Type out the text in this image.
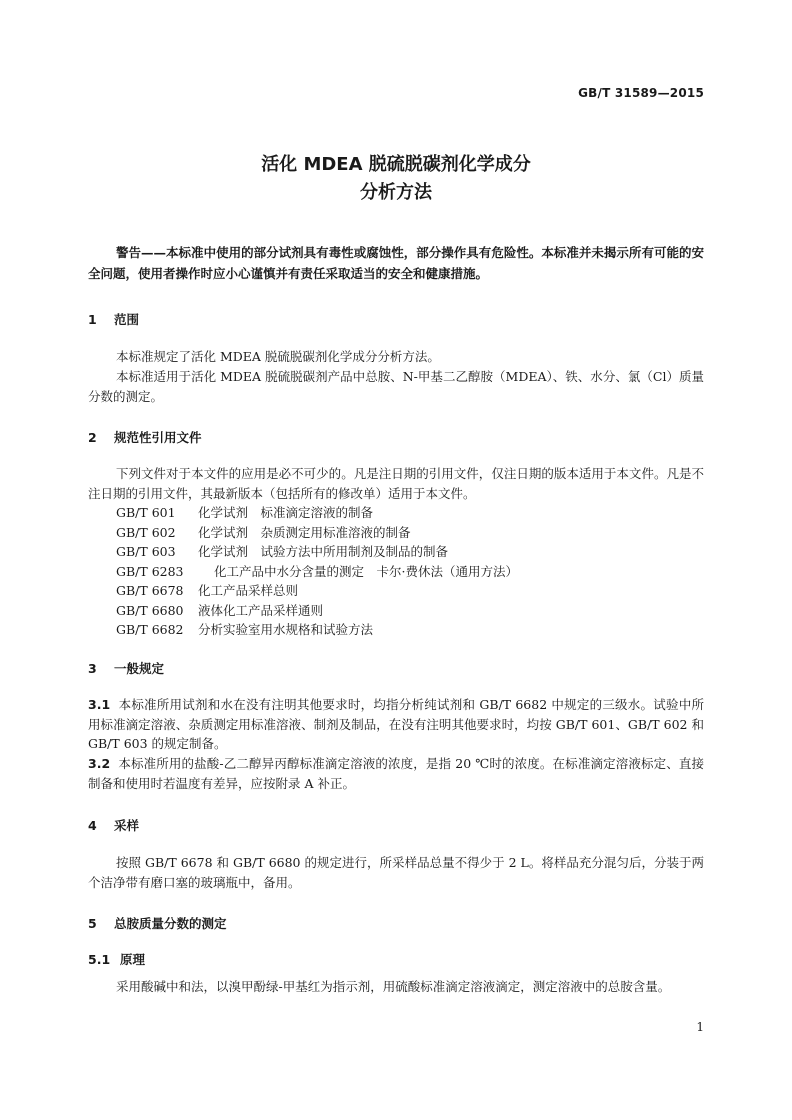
GB/T 31589—2015
活化 MDEA 脱硫脱碳剂化学成分
分析方法
警告——本标准中使用的部分试剂具有毒性或腐蚀性，部分操作具有危险性。本标准并未揭示所有可能的安全问题，使用者操作时应小心谨慎并有责任采取适当的安全和健康措施。
1 范围
本标准规定了活化 MDEA 脱硫脱碳剂化学成分分析方法。
本标准适用于活化 MDEA 脱硫脱碳剂产品中总胺、N-甲基二乙醇胺（MDEA）、铁、水分、氯（Cl）质量分数的测定。
2 规范性引用文件
下列文件对于本文件的应用是必不可少的。凡是注日期的引用文件，仅注日期的版本适用于本文件。凡是不注日期的引用文件，其最新版本（包括所有的修改单）适用于本文件。
GB/T 601 化学试剂　标准滴定溶液的制备
GB/T 602 化学试剂　杂质测定用标准溶液的制备
GB/T 603 化学试剂　试验方法中所用制剂及制品的制备
GB/T 6283 化工产品中水分含量的测定　卡尔·费休法（通用方法）
GB/T 6678 化工产品采样总则
GB/T 6680 液体化工产品采样通则
GB/T 6682 分析实验室用水规格和试验方法
3 一般规定
3.1 本标准所用试剂和水在没有注明其他要求时，均指分析纯试剂和 GB/T 6682 中规定的三级水。试验中所用标准滴定溶液、杂质测定用标准溶液、制剂及制品，在没有注明其他要求时，均按 GB/T 601、GB/T 602 和 GB/T 603 的规定制备。
3.2 本标准所用的盐酸-乙二醇异丙醇标准滴定溶液的浓度，是指 20 ℃时的浓度。在标准滴定溶液标定、直接制备和使用时若温度有差异，应按附录 A 补正。
4 采样
按照 GB/T 6678 和 GB/T 6680 的规定进行，所采样品总量不得少于 2 L。将样品充分混匀后，分装于两个洁净带有磨口塞的玻璃瓶中，备用。
5 总胺质量分数的测定
5.1 原理
采用酸碱中和法，以溴甲酚绿-甲基红为指示剂，用硫酸标准滴定溶液滴定，测定溶液中的总胺含量。
1
